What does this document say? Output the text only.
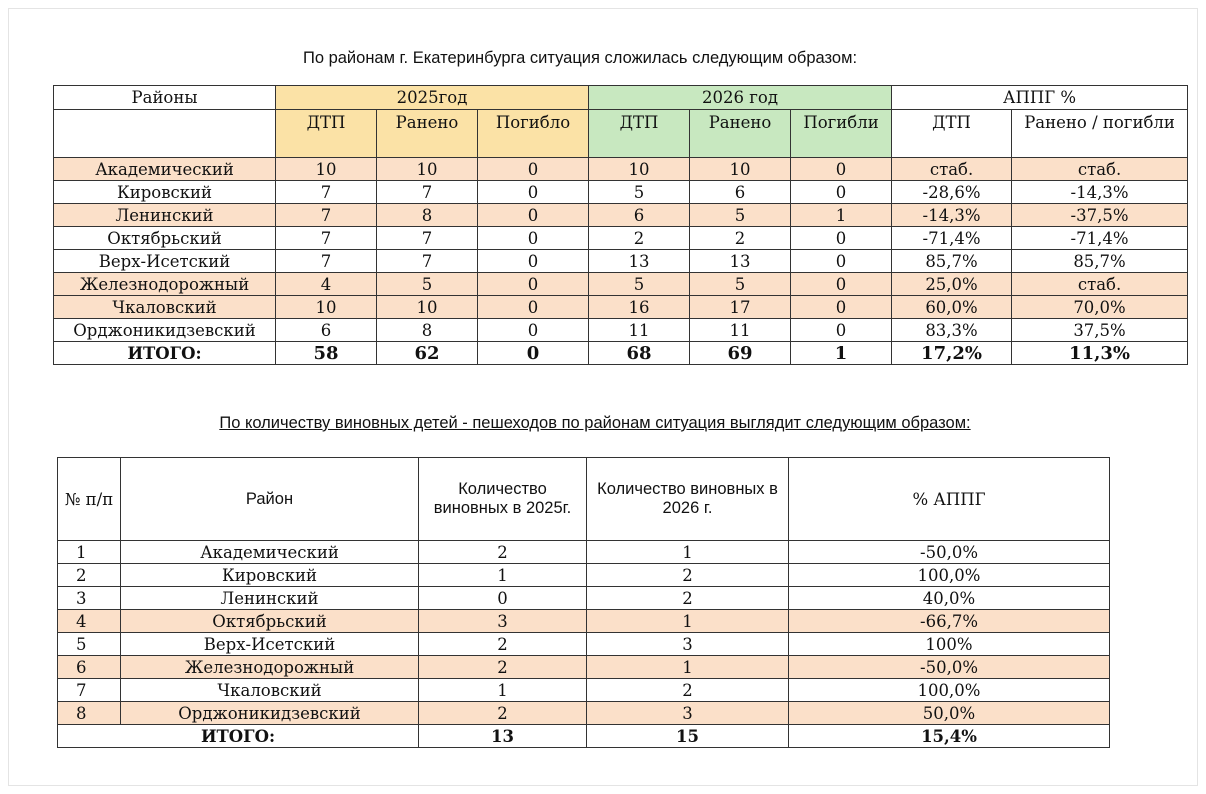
По районам г. Екатеринбурга ситуация сложилась следующим образом:
Районы	2025год			2026 год			АППГ %	
	ДТП	Ранено	Погибло	ДТП	Ранено	Погибли	ДТП	Ранено / погибли
Академический	10	10	0	10	10	0	стаб.	стаб.
Кировский	7	7	0	5	6	0	-28,6%	-14,3%
Ленинский	7	8	0	6	5	1	-14,3%	-37,5%
Октябрьский	7	7	0	2	2	0	-71,4%	-71,4%
Верх-Исетский	7	7	0	13	13	0	85,7%	85,7%
Железнодорожный	4	5	0	5	5	0	25,0%	стаб.
Чкаловский	10	10	0	16	17	0	60,0%	70,0%
Орджоникидзевский	6	8	0	11	11	0	83,3%	37,5%
ИТОГО:	58	62	0	68	69	1	17,2%	11,3%
По количеству виновных детей - пешеходов по районам ситуация выглядит следующим образом:
№ п/п	Район	Количество виновных в 2025г.	Количество виновных в 2026 г.	% АППГ
1	Академический	2	1	-50,0%
2	Кировский	1	2	100,0%
3	Ленинский	0	2	40,0%
4	Октябрьский	3	1	-66,7%
5	Верх-Исетский	2	3	100%
6	Железнодорожный	2	1	-50,0%
7	Чкаловский	1	2	100,0%
8	Орджоникидзевский	2	3	50,0%
ИТОГО:		13	15	15,4%
